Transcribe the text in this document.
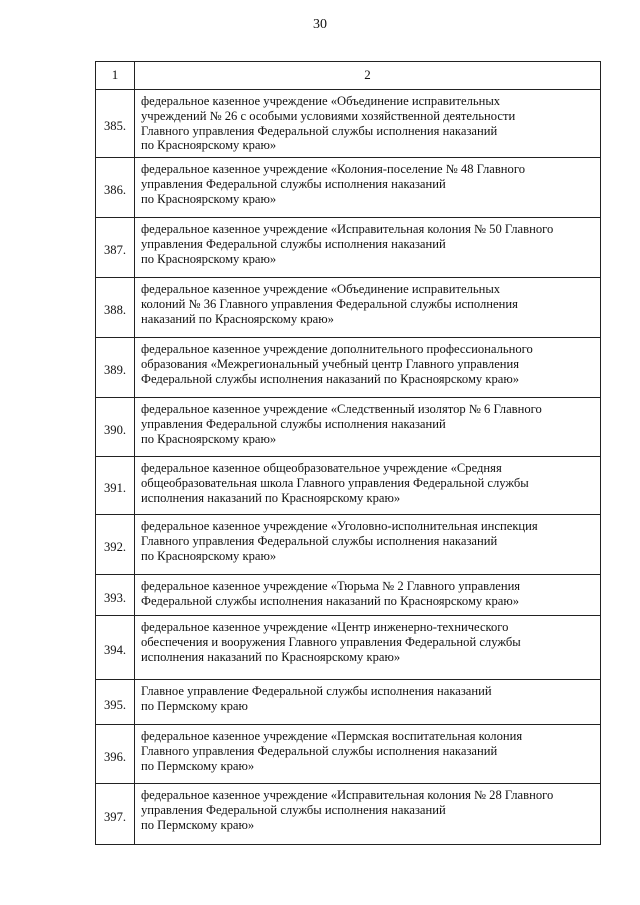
30
1	2
385.	федеральное казенное учреждение «Объединение исправительных
учреждений № 26 с особыми условиями хозяйственной деятельности
Главного управления Федеральной службы исполнения наказаний
по Красноярскому краю»

386.	федеральное казенное учреждение «Колония-поселение № 48 Главного
управления Федеральной службы исполнения наказаний
по Красноярскому краю»

387.	федеральное казенное учреждение «Исправительная колония № 50 Главного
управления Федеральной службы исполнения наказаний
по Красноярскому краю»

388.	федеральное казенное учреждение «Объединение исправительных
колоний № 36 Главного управления Федеральной службы исполнения
наказаний по Красноярскому краю»

389.	федеральное казенное учреждение дополнительного профессионального
образования «Межрегиональный учебный центр Главного управления
Федеральной службы исполнения наказаний по Красноярскому краю»

390.	федеральное казенное учреждение «Следственный изолятор № 6 Главного
управления Федеральной службы исполнения наказаний
по Красноярскому краю»

391.	федеральное казенное общеобразовательное учреждение «Средняя
общеобразовательная школа Главного управления Федеральной службы
исполнения наказаний по Красноярскому краю»

392.	федеральное казенное учреждение «Уголовно-исполнительная инспекция
Главного управления Федеральной службы исполнения наказаний
по Красноярскому краю»

393.	федеральное казенное учреждение «Тюрьма № 2 Главного управления
Федеральной службы исполнения наказаний по Красноярскому краю»

394.	федеральное казенное учреждение «Центр инженерно-технического
обеспечения и вооружения Главного управления Федеральной службы
исполнения наказаний по Красноярскому краю»

395.	Главное управление Федеральной службы исполнения наказаний
по Пермскому краю

396.	федеральное казенное учреждение «Пермская воспитательная колония
Главного управления Федеральной службы исполнения наказаний
по Пермскому краю»

397.	федеральное казенное учреждение «Исправительная колония № 28 Главного
управления Федеральной службы исполнения наказаний
по Пермскому краю»
